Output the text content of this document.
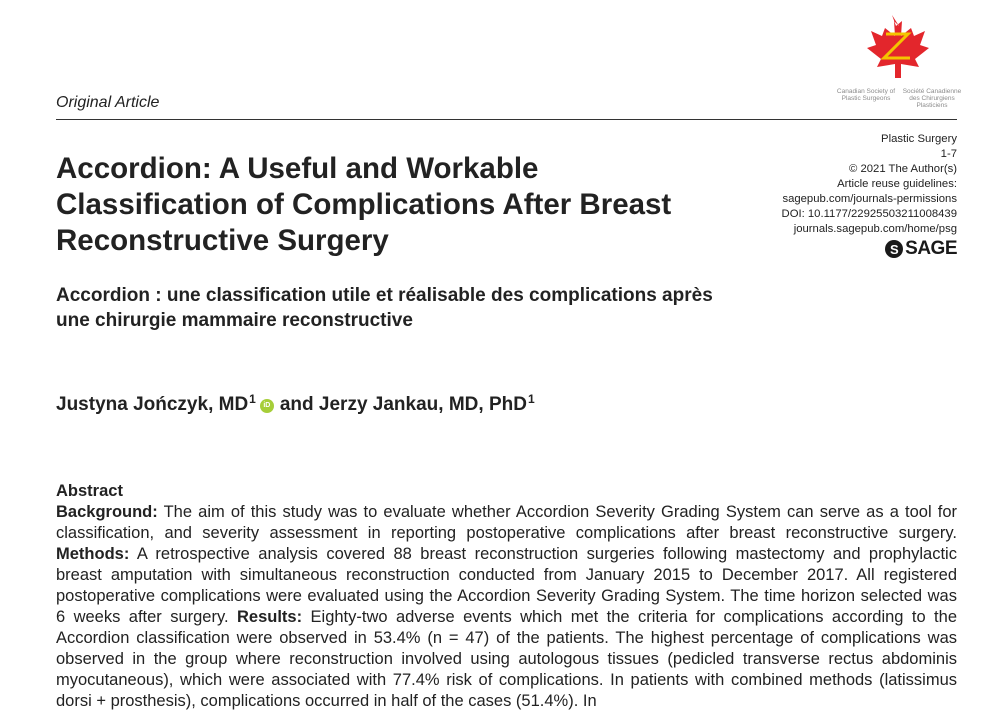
Canadian Society of Plastic Surgeons
Société Canadienne des Chirurgiens Plasticiens
Original Article
Plastic Surgery
1-7
© 2021 The Author(s)
Article reuse guidelines:
sagepub.com/journals-permissions
DOI: 10.1177/22925503211008439
journals.sagepub.com/home/psg
S SAGE
Accordion: A Useful and Workable Classification of Complications After Breast Reconstructive Surgery
Accordion : une classification utile et réalisable des complications après une chirurgie mammaire reconstructive
Justyna Jończyk, $MD^1$	iD and
Jerzy Jankau, MD, PhD$^1$
Abstract

Background: The aim of this study was to evaluate whether Accordion Severity Grading System can serve as a tool for classification, and severity assessment in reporting postoperative complications after breast reconstructive surgery. Methods: A retrospective analysis covered 88 breast reconstruction surgeries following mastectomy and prophylactic breast amputation with simultaneous reconstruction conducted from January 2015 to December 2017. All registered postoperative complications were evaluated using the Accordion Severity Grading System. The time horizon selected was 6 weeks after surgery. Results: Eighty-two adverse events which met the criteria for complications according to the Accordion classification were observed in 53.4% (n = 47) of the patients. The highest percentage of complications was observed in the group where reconstruction involved using autologous tissues (pedicled transverse rectus abdominis myocutaneous), which were associated with 77.4% risk of complications. In patients with combined methods (latissimus dorsi + prosthesis), complications occurred in half of the cases (51.4%). In
